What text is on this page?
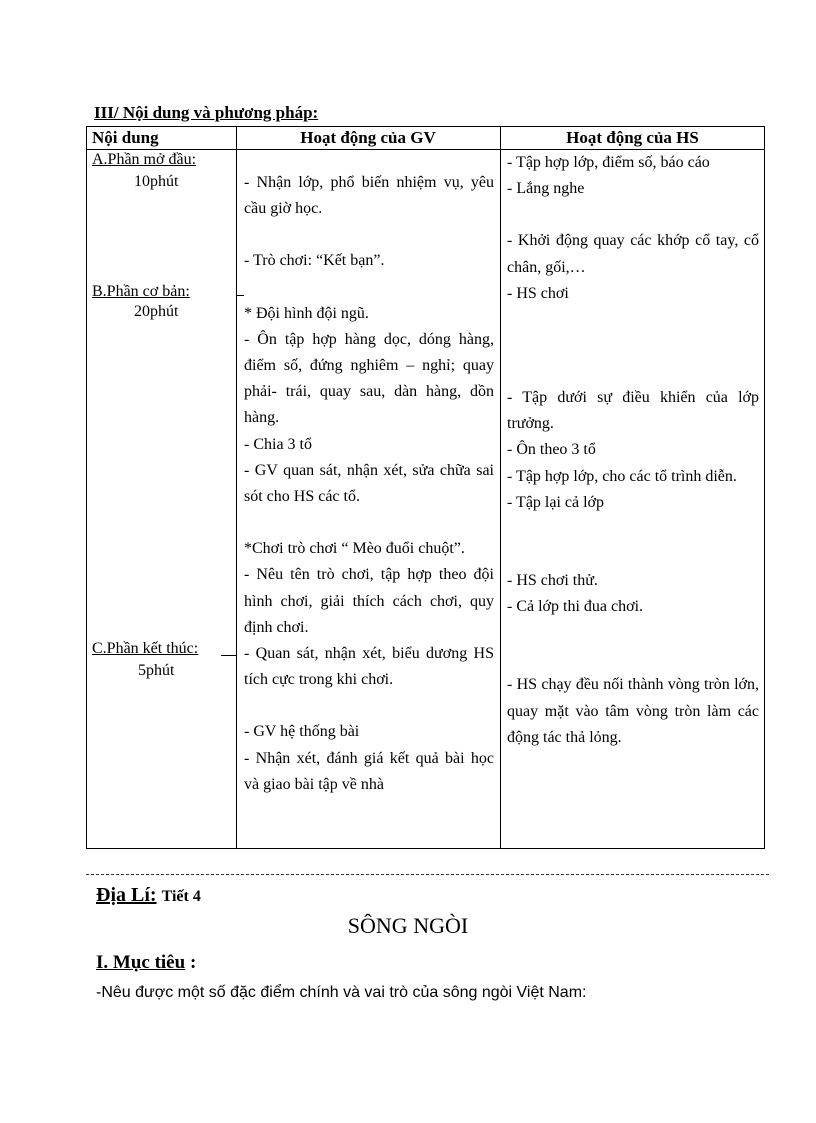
III/ Nội dung và phương pháp:
Nội dung	Hoạt động của GV	Hoạt động của HS
A.Phần mở đầu:
10phút
B.Phần cơ bản:
20phút
C.Phần kết thúc:
5phút

- Nhận lớp, phổ biến nhiệm vụ, yêu cầu giờ học.

- Trò chơi: “Kết bạn”.

* Đội hình đội ngũ.

- Ôn tập hợp hàng dọc, dóng hàng, điểm số, đứng nghiêm – nghỉ; quay phải- trái, quay sau, dàn hàng, dồn hàng.

- Chia 3 tổ

- GV quan sát, nhận xét, sửa chữa sai sót cho HS các tổ.

*Chơi trò chơi “ Mèo đuổi chuột”.

- Nêu tên trò chơi, tập hợp theo đội hình chơi, giải thích cách chơi, quy định chơi.

- Quan sát, nhận xét, biểu dương HS tích cực trong khi chơi.

- GV hệ thống bài

- Nhận xét, đánh giá kết quả bài học và giao bài tập về nhà

- Tập hợp lớp, điểm số, báo cáo

- Lắng nghe

- Khởi động quay các khớp cổ tay, cổ chân, gối,…

- HS chơi

- Tập dưới sự điều khiển của lớp trưởng.

- Ôn theo 3 tổ

- Tập hợp lớp, cho các tổ trình diễn.

- Tập lại cả lớp

- HS chơi thử.

- Cả lớp thi đua chơi.

- HS chạy đều nối thành vòng tròn lớn, quay mặt vào tâm vòng tròn làm các động tác thả lỏng.

Địa Lí: Tiết 4
SÔNG NGÒI
I. Mục tiêu :
-Nêu được một số đặc điểm chính và vai trò của sông ngòi Việt Nam:
